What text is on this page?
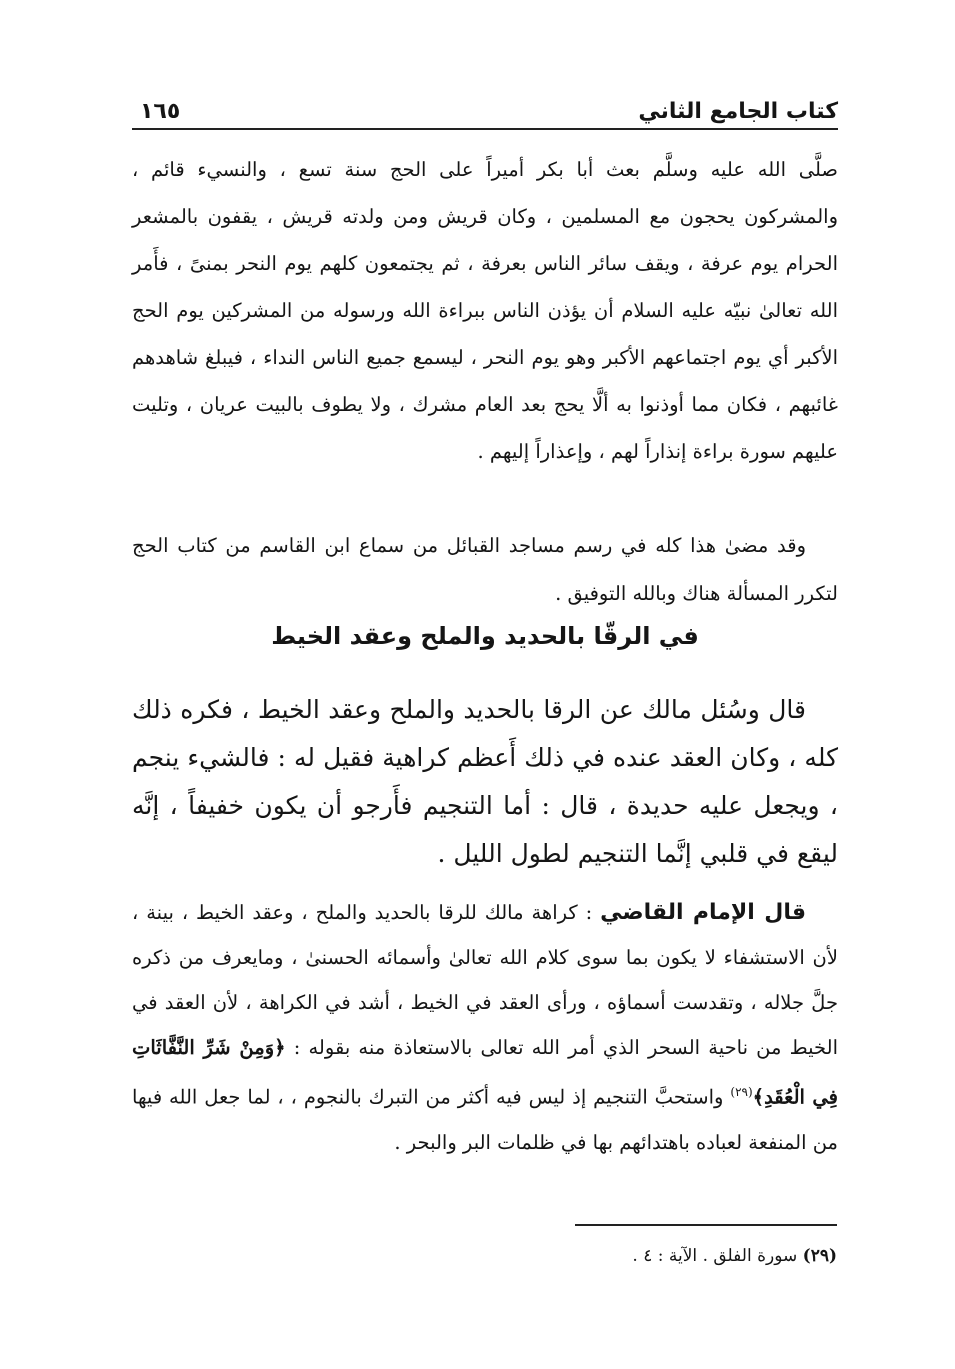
كتاب الجامع الثاني
١٦٥

صلَّى الله عليه وسلَّم بعث أبا بكر أميراً على الحج سنة تسع ، والنسيء قائم ، والمشركون يحجون مع المسلمين ، وكان قريش ومن ولدته قريش ، يقفون بالمشعر الحرام يوم عرفة ، ويقف سائر الناس بعرفة ، ثم يجتمعون كلهم يوم النحر بمنىً ، فأَمر الله تعالىٰ نبيّه عليه السلام أن يؤذن الناس ببراءة الله ورسوله من المشركين يوم الحج الأكبر أي يوم اجتماعهم الأكبر وهو يوم النحر ، ليسمع جميع الناس النداء ، فيبلغ شاهدهم غائبهم ، فكان مما أوذنوا به ألَّا يحج بعد العام مشرك ، ولا يطوف بالبيت عريان ، وتليت عليهم سورة براءة إنذاراً لهم ، وإعذاراً إليهم .

وقد مضىٰ هذا كله في رسم مساجد القبائل من سماع ابن القاسم من كتاب الحج لتكرر المسألة هناك وبالله التوفيق .

في الرقّا بالحديد والملح وعقد الخيط

قال وسُئل مالك عن الرقا بالحديد والملح وعقد الخيط ، فكره ذلك كله ، وكان العقد عنده في ذلك أَعظم كراهية فقيل له : فالشيء ينجم ، ويجعل عليه حديدة ، قال : أما التنجيم فأَرجو أن يكون خفيفاً ، إنَّه ليقع في قلبي إنَّما التنجيم لطول الليل .

قال الإمام القاضي : كراهة مالك للرقا بالحديد والملح ، وعقد الخيط ، بينة ، لأن الاستشفاء لا يكون بما سوى كلام الله تعالىٰ وأسمائه الحسنىٰ ، ومايعرف من ذكره جلَّ جلاله ، وتقدست أسماؤه ، ورأى العقد في الخيط ، أشد في الكراهة ، لأن العقد في الخيط من ناحية السحر الذي أمر الله تعالى بالاستعاذة منه بقوله : ﴿وَمِنْ شَرِّ النَّفَّاثَاتِ فِي الْعُقَدِ﴾$^{(٢٩)}$ واستحبَّ التنجيم إذ ليس فيه أكثر من التبرك بالنجوم ، ، لما جعل الله فيها من المنفعة لعباده باهتدائهم بها في ظلمات البر والبحر .

(٢٩) سورة الفلق . الآية : ٤ .
